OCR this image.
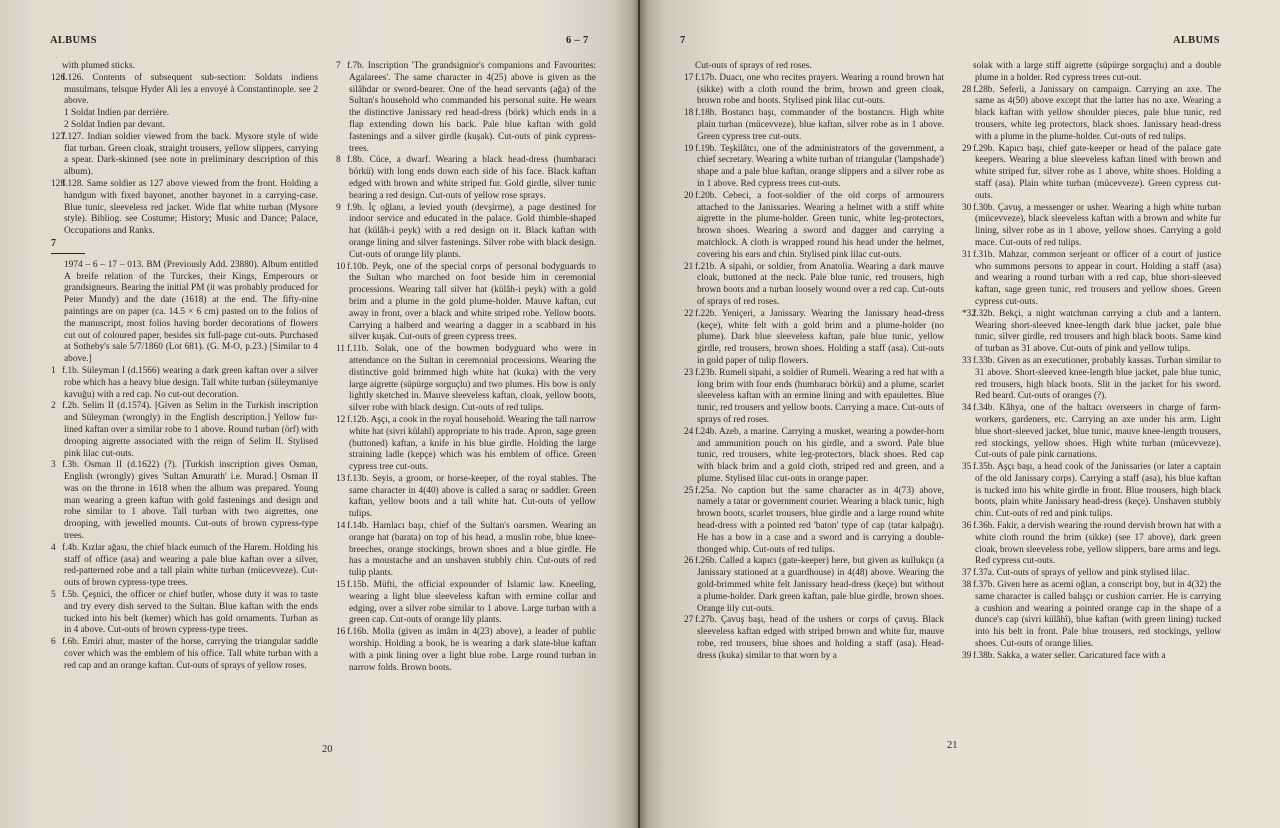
ALBUMS	6 – 7

with plumed sticks.

126f.126. Contents of subsequent sub-section: Soldats indiens musulmans, telsque Hyder Ali les a envoyé à Constantinople. see 2 above.

1 Soldat Indien par derrière.

2 Soldat Indien par devant.

127f.127. Indian soldier viewed from the back. Mysore style of wide flat turban. Green cloak, straight trousers, yellow slippers, carrying a spear. Dark-skinned (see note in preliminary description of this album).

128f.128. Same soldier as 127 above viewed from the front. Holding a handgun with fixed bayonet, another bayonet in a carrying-case. Blue tunic, sleeveless red jacket. Wide flat white turban (Mysore style). Bibliog. see Costume; History; Music and Dance; Palace, Occupations and Ranks.

7

1974 – 6 – 17 – 013. BM (Previously Add. 23880). Album entitled A breife relation of the Turckes, their Kings, Emperours or grandsigneurs. Bearing the initial PM (it was probably produced for Peter Mundy) and the date (1618) at the end. The fifty-nine paintings are on paper (ca. 14.5 × 6 cm) pasted on to the folios of the manuscript, most folios having border decorations of flowers cut out of coloured paper, besides six full-page cut-outs. Purchased at Sotheby's sale 5/7/1860 (Lot 681). (G. M-O, p.23.) [Similar to 4 above.]

1 f.1b. Süleyman I (d.1566) wearing a dark green kaftan over a silver robe which has a heavy blue design. Tall white turban (süleymaniye kavuğu) with a red cap. No cut-out decoration.

2 f.2b. Selim II (d.1574). [Given as Selim in the Turkish inscription and Süleyman (wrongly) in the English description.] Yellow fur-lined kaftan over a similar robe to 1 above. Round turban (örf) with drooping aigrette associated with the reign of Selim II. Stylised pink lilac cut-outs.

3 f.3b. Osman II (d.1622) (?). [Turkish inscription gives Osman, English (wrongly) gives 'Sultan Amurath' i.e. Murad.] Osman II was on the throne in 1618 when the album was prepared. Young man wearing a green kaftan with gold fastenings and design and robe similar to 1 above. Tall turban with two aigrettes, one drooping, with jewelled mounts. Cut-outs of brown cypress-type trees.

4 f.4b. Kızlar ağası, the chief black eunuch of the Harem. Holding his staff of office (asa) and wearing a pale blue kaftan over a silver, red-patterned robe and a tall plain white turban (mücevveze). Cut-outs of brown cypress-type trees.

5 f.5b. Çeşnici, the officer or chief butler, whose duty it was to taste and try every dish served to the Sultan. Blue kaftan with the ends tucked into his belt (kemer) which has gold ornaments. Turban as in 4 above. Cut-outs of brown cypress-type trees.

6 f.6b. Emiri ahur, master of the horse, carrying the triangular saddle cover which was the emblem of his office. Tall white turban with a red cap and an orange kaftan. Cut-outs of sprays of yellow roses.

7 f.7b. Inscription 'The grandsignior's companions and Favourites: Agalarees'. The same character in 4(25) above is given as the silâhdar or sword-bearer. One of the head servants (ağa) of the Sultan's household who commanded his personal suite. He wears the distinctive Janissary red head-dress (börk) which ends in a flap extending down his back. Pale blue kaftan with gold fastenings and a silver girdle (kuşak). Cut-outs of pink cypress-trees.

8 f.8b. Cüce, a dwarf. Wearing a black head-dress (humbaracı börkü) with long ends down each side of his face. Black kaftan edged with brown and white striped fur. Gold girdle, silver tunic bearing a red design. Cut-outs of yellow rose sprays.

9 f.9b. İç oğlanı, a levied youth (devşirme), a page destined for indoor service and educated in the palace. Gold thimble-shaped hat (külâh-i peyk) with a red design on it. Black kaftan with orange lining and silver fastenings. Silver robe with black design. Cut-outs of orange lily plants.

10 f.10b. Peyk, one of the special corps of personal bodyguards to the Sultan who marched on foot beside him in ceremonial processions. Wearing tall silver hat (külâh-i peyk) with a gold brim and a plume in the gold plume-holder. Mauve kaftan, cut away in front, over a black and white striped robe. Yellow boots. Carrying a halberd and wearing a dagger in a scabbard in his silver kuşak. Cut-outs of green cypress trees.

11 f.11b. Solak, one of the bowmen bodyguard who were in attendance on the Sultan in ceremonial processions. Wearing the distinctive gold brimmed high white hat (kuka) with the very large aigrette (süpürge sorguçlu) and two plumes. His bow is only lightly sketched in. Mauve sleeveless kaftan, cloak, yellow boots, silver robe with black design. Cut-outs of red tulips.

12 f.12b. Aşçı, a cook in the royal household. Wearing the tall narrow white hat (sivri külahî) appropriate to his trade. Apron, sage green (buttoned) kaftan, a knife in his blue girdle. Holding the large straining ladle (kepçe) which was his emblem of office. Green cypress tree cut-outs.

13 f.13b. Seyis, a groom, or horse-keeper, of the royal stables. The same character in 4(40) above is called a saraç or saddler. Green kaftan, yellow boots and a tall white hat. Cut-outs of yellow tulips.

14 f.14b. Hamlacı başı, chief of the Sultan's oarsmen. Wearing an orange hat (barata) on top of his head, a muslin robe, blue knee-breeches, orange stockings, brown shoes and a blue girdle. He has a moustache and an unshaven stubbly chin. Cut-outs of red tulip plants.

15 f.15b. Müfti, the official expounder of Islamic law. Kneeling, wearing a light blue sleeveless kaftan with ermine collar and edging, over a silver robe similar to 1 above. Large turban with a green cap. Cut-outs of orange lily plants.

16 f.16b. Molla (given as imâm in 4(23) above), a leader of public worship. Holding a book, he is wearing a dark slate-blue kaftan with a pink lining over a light blue robe. Large round turban in narrow folds. Brown boots.

20
7	ALBUMS

Cut-outs of sprays of red roses.

17 f.17b. Duacı, one who recites prayers. Wearing a round brown hat (sikke) with a cloth round the brim, brown and green cloak, brown robe and boots. Stylised pink lilac cut-outs.

18 f.18b. Bostancı başı, commander of the bostancıs. High white plain turban (mücevveze), blue kaftan, silver robe as in 1 above. Green cypress tree cut-outs.

19 f.19b. Teşkilâtcı, one of the administrators of the government, a chief secretary. Wearing a white turban of triangular ('lampshade') shape and a pale blue kaftan, orange slippers and a silver robe as in 1 above. Red cypress trees cut-outs.

20 f.20b. Cebeci, a foot-soldier of the old corps of armourers attached to the Janissaries. Wearing a helmet with a stiff white aigrette in the plume-holder. Green tunic, white leg-protectors, brown shoes. Wearing a sword and dagger and carrying a matchlock. A cloth is wrapped round his head under the helmet, covering his ears and chin. Stylised pink lilac cut-outs.

21 f.21b. A sipahi, or soldier, from Anatolia. Wearing a dark mauve cloak, buttoned at the neck. Pale blue tunic, red trousers, high brown boots and a turban loosely wound over a red cap. Cut-outs of sprays of red roses.

22 f.22b. Yeniçeri, a Janissary. Wearing the Janissary head-dress (keçe), white felt with a gold brim and a plume-holder (no plume). Dark blue sleeveless kaftan, pale blue tunic, yellow girdle, red trousers, brown shoes. Holding a staff (asa). Cut-outs in gold paper of tulip flowers.

23 f.23b. Rumeli sipahi, a soldier of Rumeli. Wearing a red hat with a long brim with four ends (humbaracı börkü) and a plume, scarlet sleeveless kaftan with an ermine lining and with epaulettes. Blue tunic, red trousers and yellow boots. Carrying a mace. Cut-outs of sprays of red roses.

24 f.24b. Azeb, a marine. Carrying a musket, wearing a powder-horn and ammunition pouch on his girdle, and a sword. Pale blue tunic, red trousers, white leg-protectors, black shoes. Red cap with black brim and a gold cloth, striped red and green, and a plume. Stylised lilac cut-outs in orange paper.

25 f.25a. No caption but the same character as in 4(73) above, namely a tatar or government courier. Wearing a black tunic, high brown boots, scarlet trousers, blue girdle and a large round white head-dress with a pointed red 'baton' type of cap (tatar kalpağı). He has a bow in a case and a sword and is carrying a double-thonged whip. Cut-outs of red tulips.

26 f.26b. Called a kapıcı (gate-keeper) here, but given as kullukçu (a Janissary stationed at a guardhouse) in 4(48) above. Wearing the gold-brimmed white felt Janissary head-dress (keçe) but without a plume-holder. Dark green kaftan, pale blue girdle, brown shoes. Orange lily cut-outs.

27 f.27b. Çavuş başı, head of the ushers or corps of çavuş. Black sleeveless kaftan edged with striped brown and white fur, mauve robe, red trousers, blue shoes and holding a staff (asa). Head-dress (kuka) similar to that worn by a

solak with a large stiff aigrette (süpürge sorguçlu) and a double plume in a holder. Red cypress trees cut-out.

28 f.28b. Seferli, a Janissary on campaign. Carrying an axe. The same as 4(50) above except that the latter has no axe. Wearing a black kaftan with yellow shoulder pieces, pale blue tunic, red trousers, white leg protectors, black shoes. Janissary head-dress with a plume in the plume-holder. Cut-outs of red tulips.

29 f.29b. Kapıcı başı, chief gate-keeper or head of the palace gate keepers. Wearing a blue sleeveless kaftan lined with brown and white striped fur, silver robe as 1 above, white shoes. Holding a staff (asa). Plain white turban (mücevveze). Green cypress cut-outs.

30 f.30b. Çavuş, a messenger or usher. Wearing a high white turban (mücevveze), black sleeveless kaftan with a brown and white fur lining, silver robe as in 1 above, yellow shoes. Carrying a gold mace. Cut-outs of red tulips.

31 f.31b. Mahzar, common serjeant or officer of a court of justice who summons persons to appear in court. Holding a staff (asa) and wearing a round turban with a red cap, blue short-sleeved kaftan, sage green tunic, red trousers and yellow shoes. Green cypress cut-outs.

*32f.32b. Bekçi, a night watchman carrying a club and a lantern. Wearing short-sleeved knee-length dark blue jacket, pale blue tunic, silver girdle, red trousers and high black boots. Same kind of turban as 31 above. Cut-outs of pink and yellow tulips.

33 f.33b. Given as an executioner, probably kassas. Turban similar to 31 above. Short-sleeved knee-length blue jacket, pale blue tunic, red trousers, high black boots. Slit in the jacket for his sword. Red beard. Cut-outs of oranges (?).

34 f.34b. Kâhya, one of the baltacı overseers in charge of farm-workers, gardeners, etc. Carrying an axe under his arm. Light blue short-sleeved jacket, blue tunic, mauve knee-length trousers, red stockings, yellow shoes. High white turban (mücevveze). Cut-outs of pale pink carnations.

35 f.35b. Aşçı başı, a head cook of the Janissaries (or later a captain of the old Janissary corps). Carrying a staff (asa), his blue kaftan is tucked into his white girdle in front. Blue trousers, high black boots, plain white Janissary head-dress (keçe). Unshaven stubbly chin. Cut-outs of red and pink tulips.

36 f.36b. Fakir, a dervish wearing the round dervish brown hat with a white cloth round the brim (sikke) (see 17 above), dark green cloak, brown sleeveless robe, yellow slippers, bare arms and legs. Red cypress cut-outs.

37 f.37a. Cut-outs of sprays of yellow and pink stylised lilac.

38 f.37b. Given here as acemi oğlan, a conscript boy, but in 4(32) the same character is called balışçı or cushion carrier. He is carrying a cushion and wearing a pointed orange cap in the shape of a dunce's cap (sivri külâhî), blue kaftan (with green lining) tucked into his belt in front. Pale blue trousers, red stockings, yellow shoes. Cut-outs of orange lilies.

39 f.38b. Sakka, a water seller. Caricatured face with a

21
